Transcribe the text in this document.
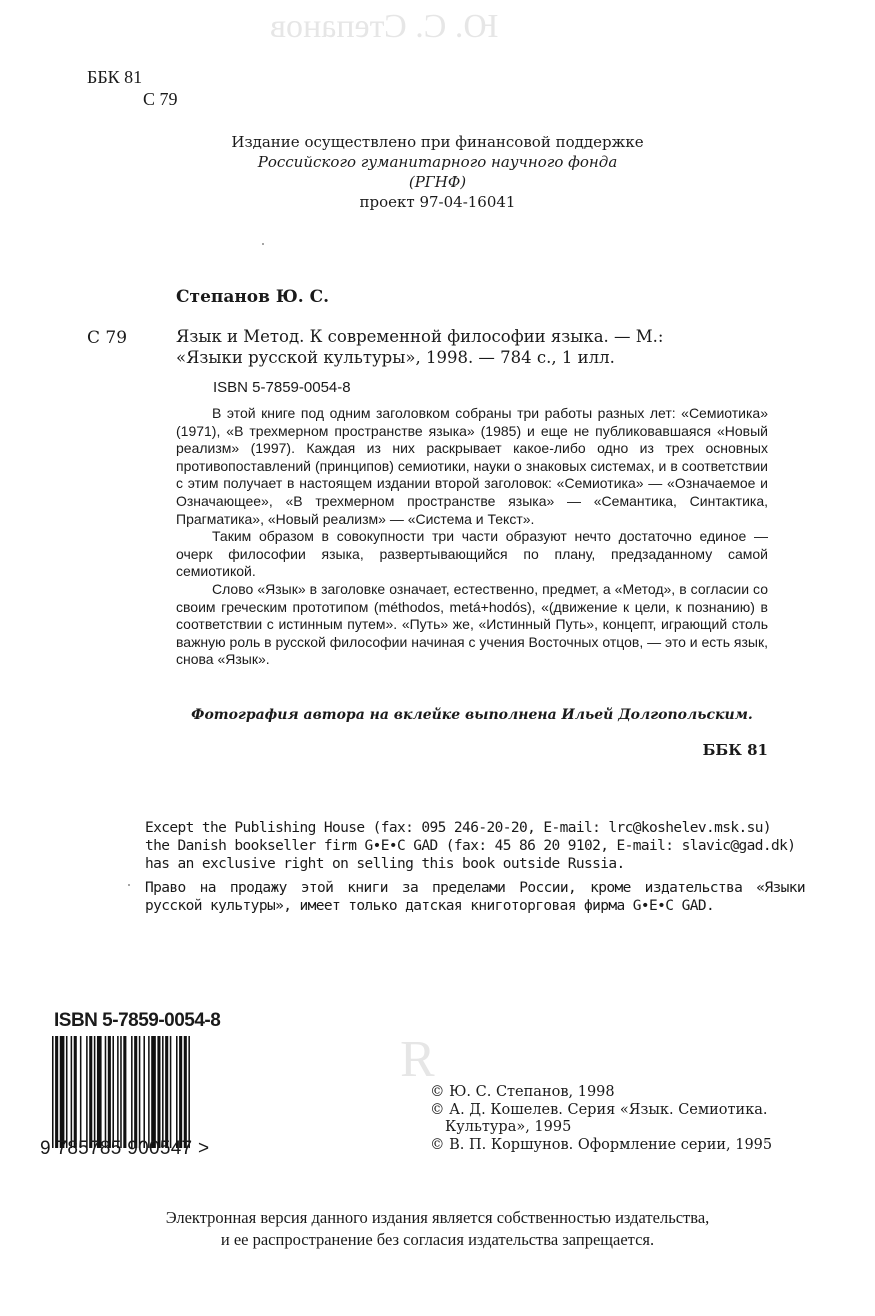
Ю. С. Степанов
ББК 81
С 79
Издание осуществлено при финансовой поддержке
Российского гуманитарного научного фонда
(РГНФ)
проект 97-04-16041
Степанов Ю. С.
С 79	Язык и Метод. К современной философии языка. — М.:
«Языки русской культуры», 1998. — 784 с., 1 илл.
ISBN 5-7859-0054-8

В этой книге под одним заголовком собраны три работы разных лет: «Семиотика» (1971), «В трехмерном пространстве языка» (1985) и еще не публиковавшаяся «Новый реализм» (1997). Каждая из них раскрывает какое-либо одно из трех основных противопоставлений (принципов) семиотики, науки о знаковых системах, и в соответствии с этим получает в настоящем издании второй заголовок: «Семиотика» — «Означаемое и Означающее», «В трехмерном пространстве языка» — «Семантика, Синтактика, Прагматика», «Новый реализм» — «Система и Текст».

Таким образом в совокупности три части образуют нечто достаточно единое — очерк философии языка, развертывающийся по плану, предзаданному самой семиотикой.

Слово «Язык» в заголовке означает, естественно, предмет, а «Метод», в согласии со своим греческим прототипом (méthodos, metá+hodós), «(движение к цели, к познанию) в соответствии с истинным путем». «Путь» же, «Истинный Путь», концепт, играющий столь важную роль в русской философии начиная с учения Восточных отцов, — это и есть язык, снова «Язык».

Фотография автора на вклейке выполнена Ильей Долгопольским.
ББК 81
Except the Publishing House (fax: 095 246-20-20, E-mail: lrc@koshelev.msk.su)
the Danish bookseller firm G•E•C GAD (fax: 45 86 20 9102, E-mail: slavic@gad.dk)
has an exclusive right on selling this book outside Russia.
Право на продажу этой книги за пределами России, кроме издательства «Языки русской культуры», имеет только датская книготорговая фирма G•E•C GAD.
ISBN 5-7859-0054-8
9 785785 900547 >
Я
© Ю. С. Степанов, 1998
© А. Д. Кошелев. Серия «Язык. Семиотика.
Культура», 1995
© В. П. Коршунов. Оформление серии, 1995
Электронная версия данного издания является собственностью издательства,
и ее распространение без согласия издательства запрещается.
